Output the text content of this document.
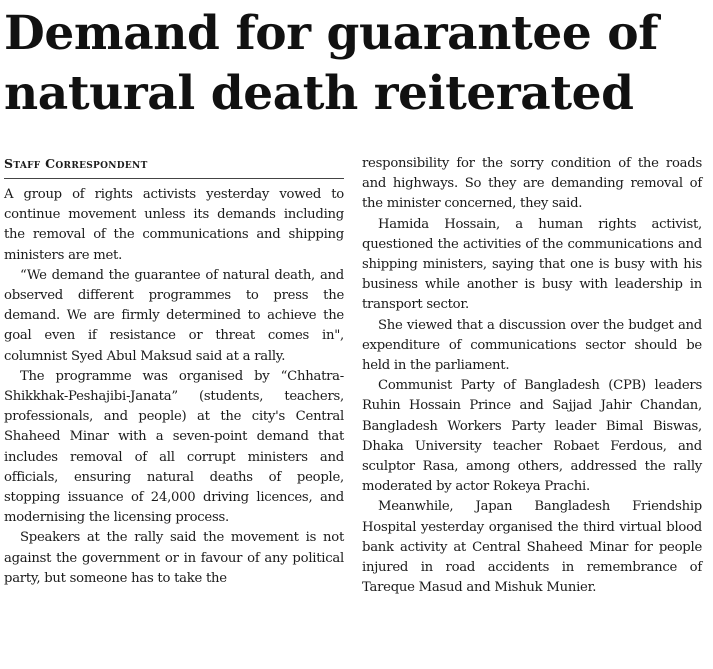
Demand for guarantee of natural death reiterated
Staff Correspondent

A group of rights activists yesterday vowed to continue movement unless its demands including the removal of the communications and shipping ministers are met.

“We demand the guarantee of natural death, and observed different programmes to press the demand. We are firmly determined to achieve the goal even if resistance or threat comes in", columnist Syed Abul Maksud said at a rally.

The programme was organised by “Chhatra-Shikkhak-Peshajibi-Janata” (students, teachers, professionals, and people) at the city's Central Shaheed Minar with a seven-point demand that includes removal of all corrupt ministers and officials, ensuring natural deaths of people, stopping issuance of 24,000 driving licences, and modernising the licensing process.

Speakers at the rally said the movement is not against the government or in favour of any political party, but someone has to take the

responsibility for the sorry condition of the roads and highways. So they are demanding removal of the minister concerned, they said.

Hamida Hossain, a human rights activist, questioned the activities of the communications and shipping ministers, saying that one is busy with his business while another is busy with leadership in transport sector.

She viewed that a discussion over the budget and expenditure of communications sector should be held in the parliament.

Communist Party of Bangladesh (CPB) leaders Ruhin Hossain Prince and Sajjad Jahir Chandan, Bangladesh Workers Party leader Bimal Biswas, Dhaka University teacher Robaet Ferdous, and sculptor Rasa, among others, addressed the rally moderated by actor Rokeya Prachi.

Meanwhile, Japan Bangladesh Friendship Hospital yesterday organised the third virtual blood bank activity at Central Shaheed Minar for people injured in road accidents in remembrance of Tareque Masud and Mishuk Munier.
